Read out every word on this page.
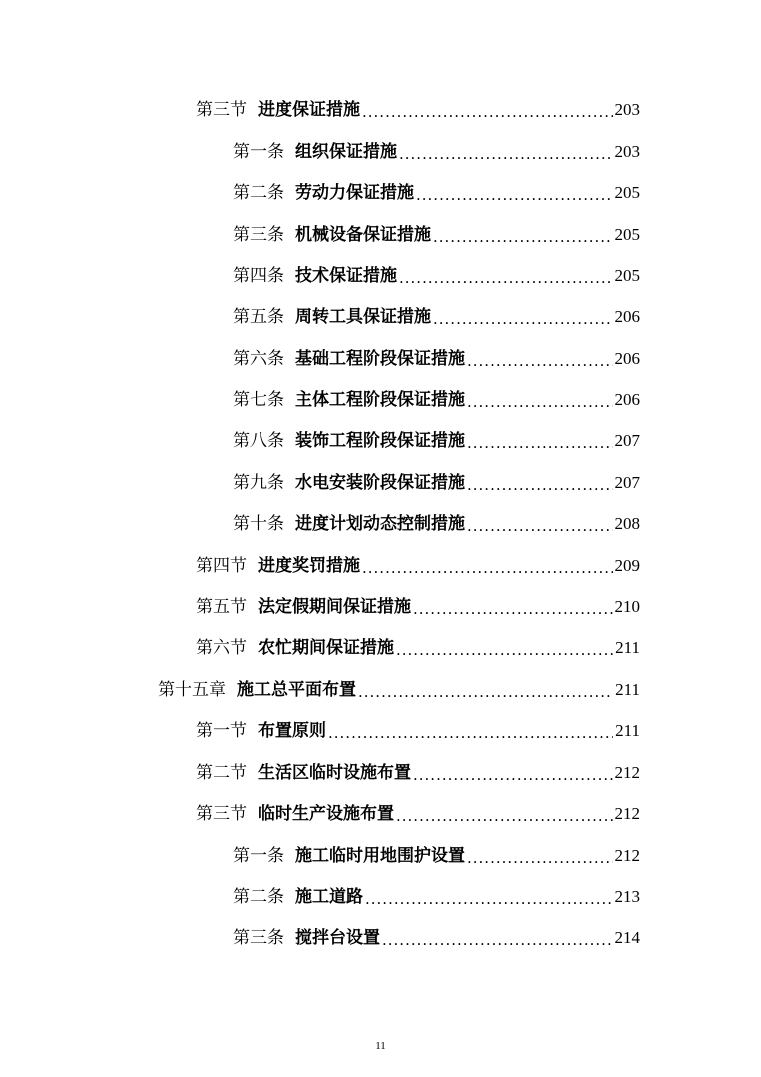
第三节 进度保证措施 .....	203
第一条 组织保证措施 .....	203
第二条 劳动力保证措施 .....	205
第三条 机械设备保证措施 .....	205
第四条 技术保证措施 .....	205
第五条 周转工具保证措施 .....	206
第六条 基础工程阶段保证措施 .....	206
第七条 主体工程阶段保证措施 .....	206
第八条 装饰工程阶段保证措施 .....	207
第九条 水电安装阶段保证措施 .....	207
第十条 进度计划动态控制措施 .....	208
第四节 进度奖罚措施 .....	209
第五节 法定假期间保证措施 .....	210
第六节 农忙期间保证措施 .....	211
第十五章 施工总平面布置 .....	211
第一节 布置原则 .....	211
第二节 生活区临时设施布置 .....	212
第三节 临时生产设施布置 .....	212
第一条 施工临时用地围护设置 .....	212
第二条 施工道路 .....	213
第三条 搅拌台设置 .....	214
11
